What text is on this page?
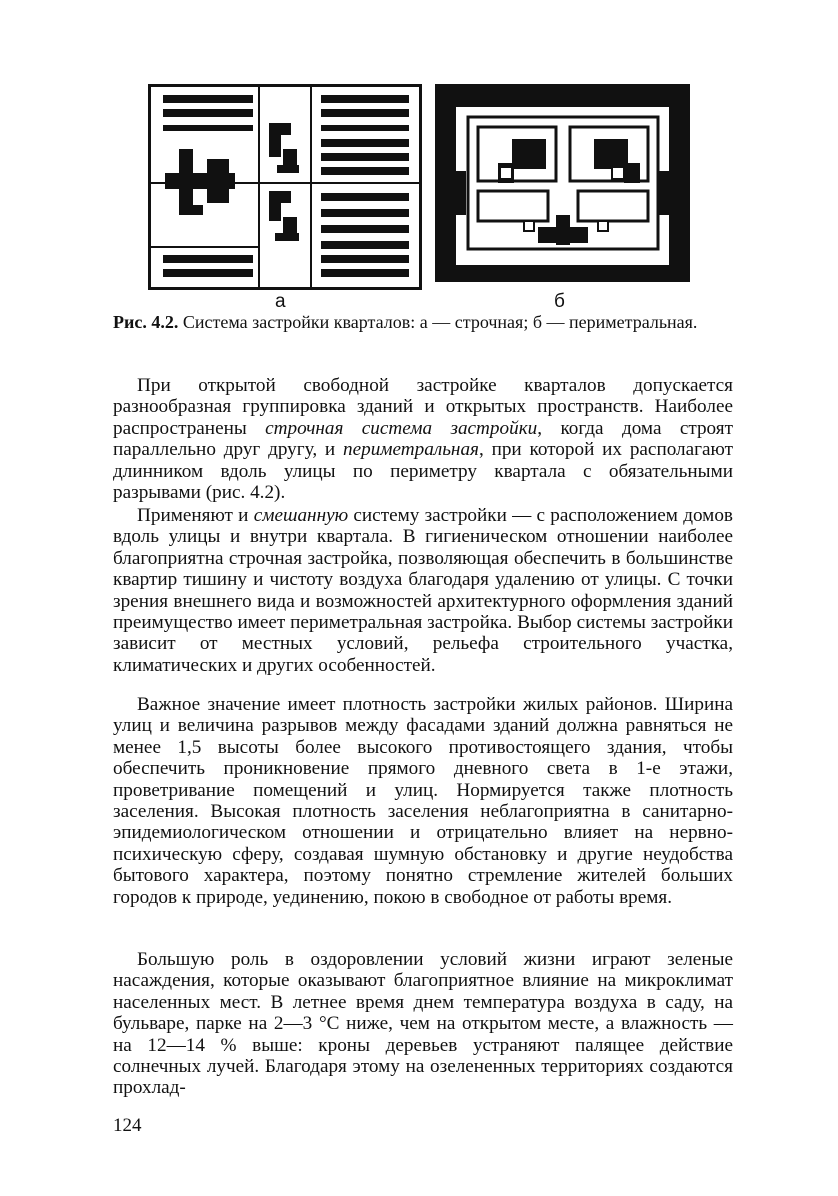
а	б
Рис. 4.2. Система застройки кварталов: а — строчная; б — периметральная.

При открытой свободной застройке кварталов допускается разнообразная группировка зданий и открытых пространств. Наиболее распространены строчная система застройки, когда дома строят параллельно друг другу, и периметральная, при которой их располагают длинником вдоль улицы по периметру квартала с обязательными разрывами (рис. 4.2).

Применяют и смешанную систему застройки — с расположением домов вдоль улицы и внутри квартала. В гигиеническом отношении наиболее благоприятна строчная застройка, позволяющая обеспечить в большинстве квартир тишину и чистоту воздуха благодаря удалению от улицы. С точки зрения внешнего вида и возможностей архитектурного оформления зданий преимущество имеет периметральная застройка. Выбор системы застройки зависит от местных условий, рельефа строительного участка, климатических и других особенностей.

Важное значение имеет плотность застройки жилых районов. Ширина улиц и величина разрывов между фасадами зданий должна равняться не менее 1,5 высоты более высокого противостоящего здания, чтобы обеспечить проникновение прямого дневного света в 1-е этажи, проветривание помещений и улиц. Нормируется также плотность заселения. Высокая плотность заселения неблагоприятна в санитарно-эпидемиологическом отношении и отрицательно влияет на нервно-психическую сферу, создавая шумную обстановку и другие неудобства бытового характера, поэтому понятно стремление жителей больших городов к природе, уединению, покою в свободное от работы время.

Большую роль в оздоровлении условий жизни играют зеленые насаждения, которые оказывают благоприятное влияние на микроклимат населенных мест. В летнее время днем температура воздуха в саду, на бульваре, парке на 2—3 °С ниже, чем на открытом месте, а влажность — на 12—14 % выше: кроны деревьев устраняют палящее действие солнечных лучей. Благодаря этому на озелененных территориях создаются прохлад-

124
